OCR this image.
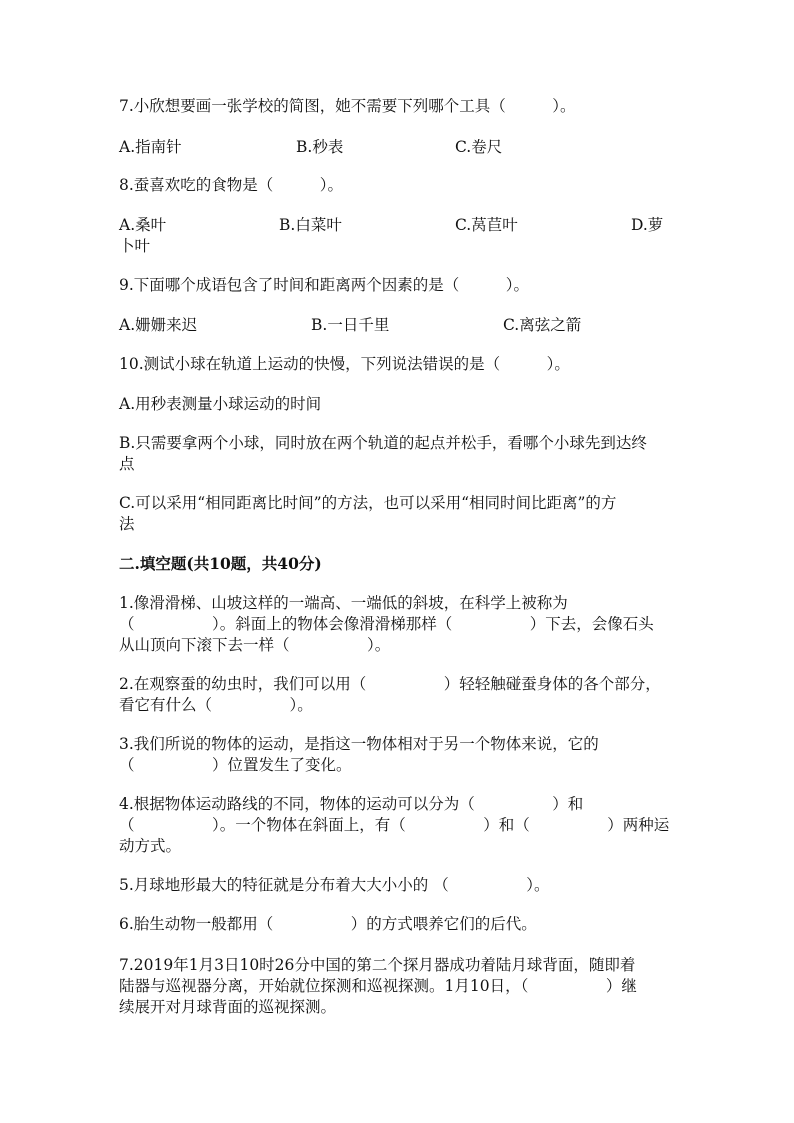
7.小欣想要画一张学校的简图，她不需要下列哪个工具（　　　）。
A.指南针	B.秒表	C.卷尺
8.蚕喜欢吃的食物是（　　　）。
A.桑叶	B.白菜叶	C.莴苣叶	D.萝
卜叶
9.下面哪个成语包含了时间和距离两个因素的是（　　　）。
A.姗姗来迟	B.一日千里	C.离弦之箭
10.测试小球在轨道上运动的快慢，下列说法错误的是（　　　）。
A.用秒表测量小球运动的时间
B.只需要拿两个小球，同时放在两个轨道的起点并松手，看哪个小球先到达终
点
C.可以采用“相同距离比时间”的方法，也可以采用“相同时间比距离”的方
法
二.填空题(共10题，共40分)
1.像滑滑梯、山坡这样的一端高、一端低的斜坡，在科学上被称为
（　　　　　）。斜面上的物体会像滑滑梯那样（　　　　　）下去，会像石头
从山顶向下滚下去一样（　　　　　）。
2.在观察蚕的幼虫时，我们可以用（　　　　　）轻轻触碰蚕身体的各个部分，
看它有什么（　　　　　）。
3.我们所说的物体的运动，是指这一物体相对于另一个物体来说，它的
（　　　　　）位置发生了变化。
4.根据物体运动路线的不同，物体的运动可以分为（　　　　　）和
（　　　　　）。一个物体在斜面上，有（　　　　　）和（　　　　　）两种运
动方式。
5.月球地形最大的特征就是分布着大大小小的 （　　　　　）。
6.胎生动物一般都用（　　　　　）的方式喂养它们的后代。
7.2019年1月3日10时26分中国的第二个探月器成功着陆月球背面，随即着
陆器与巡视器分离，开始就位探测和巡视探测。1月10日，（　　　　　）继
续展开对月球背面的巡视探测。
